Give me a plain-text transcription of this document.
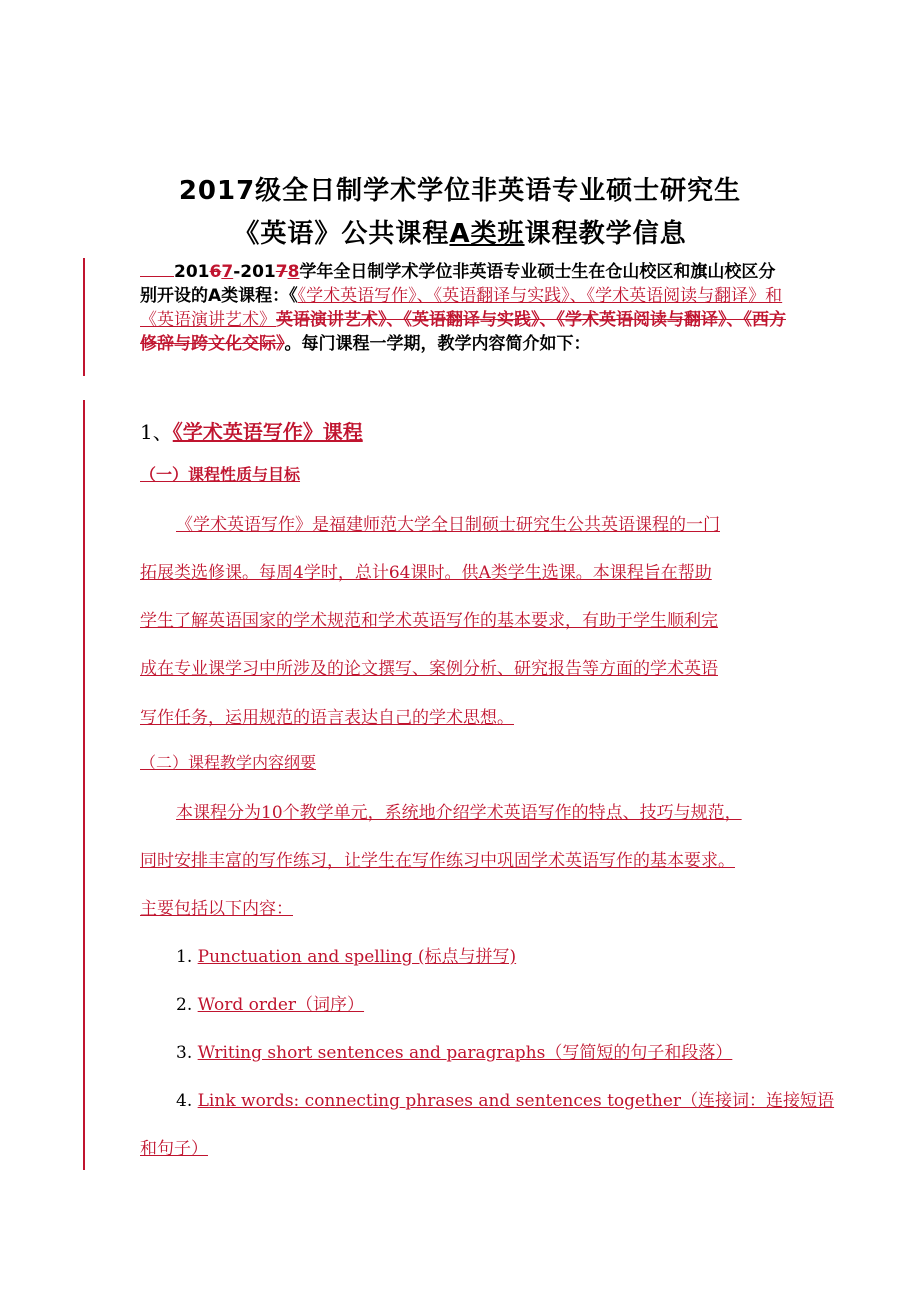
2017级全日制学术学位非英语专业硕士研究生
《英语》公共课程A类班课程教学信息
20167-20178学年全日制学术学位非英语专业硕士生在仓山校区和旗山校区分别开设的A类课程：《《学术英语写作》、《英语翻译与实践》、《学术英语阅读与翻译》和《英语演讲艺术》英语演讲艺术》、《英语翻译与实践》、《学术英语阅读与翻译》、《西方修辞与跨文化交际》。每门课程一学期，教学内容简介如下：
1、《学术英语写作》课程
（一）课程性质与目标
《学术英语写作》是福建师范大学全日制硕士研究生公共英语课程的一门
拓展类选修课。每周4学时，总计64课时。供A类学生选课。本课程旨在帮助
学生了解英语国家的学术规范和学术英语写作的基本要求，有助于学生顺利完
成在专业课学习中所涉及的论文撰写、案例分析、研究报告等方面的学术英语
写作任务，运用规范的语言表达自己的学术思想。
（二）课程教学内容纲要
本课程分为10个教学单元，系统地介绍学术英语写作的特点、技巧与规范，
同时安排丰富的写作练习，让学生在写作练习中巩固学术英语写作的基本要求。
主要包括以下内容：
1. Punctuation and spelling (标点与拼写)
2. Word order（词序）
3. Writing short sentences and paragraphs（写简短的句子和段落）
4. Link words: connecting phrases and sentences together（连接词：连接短语
和句子）
